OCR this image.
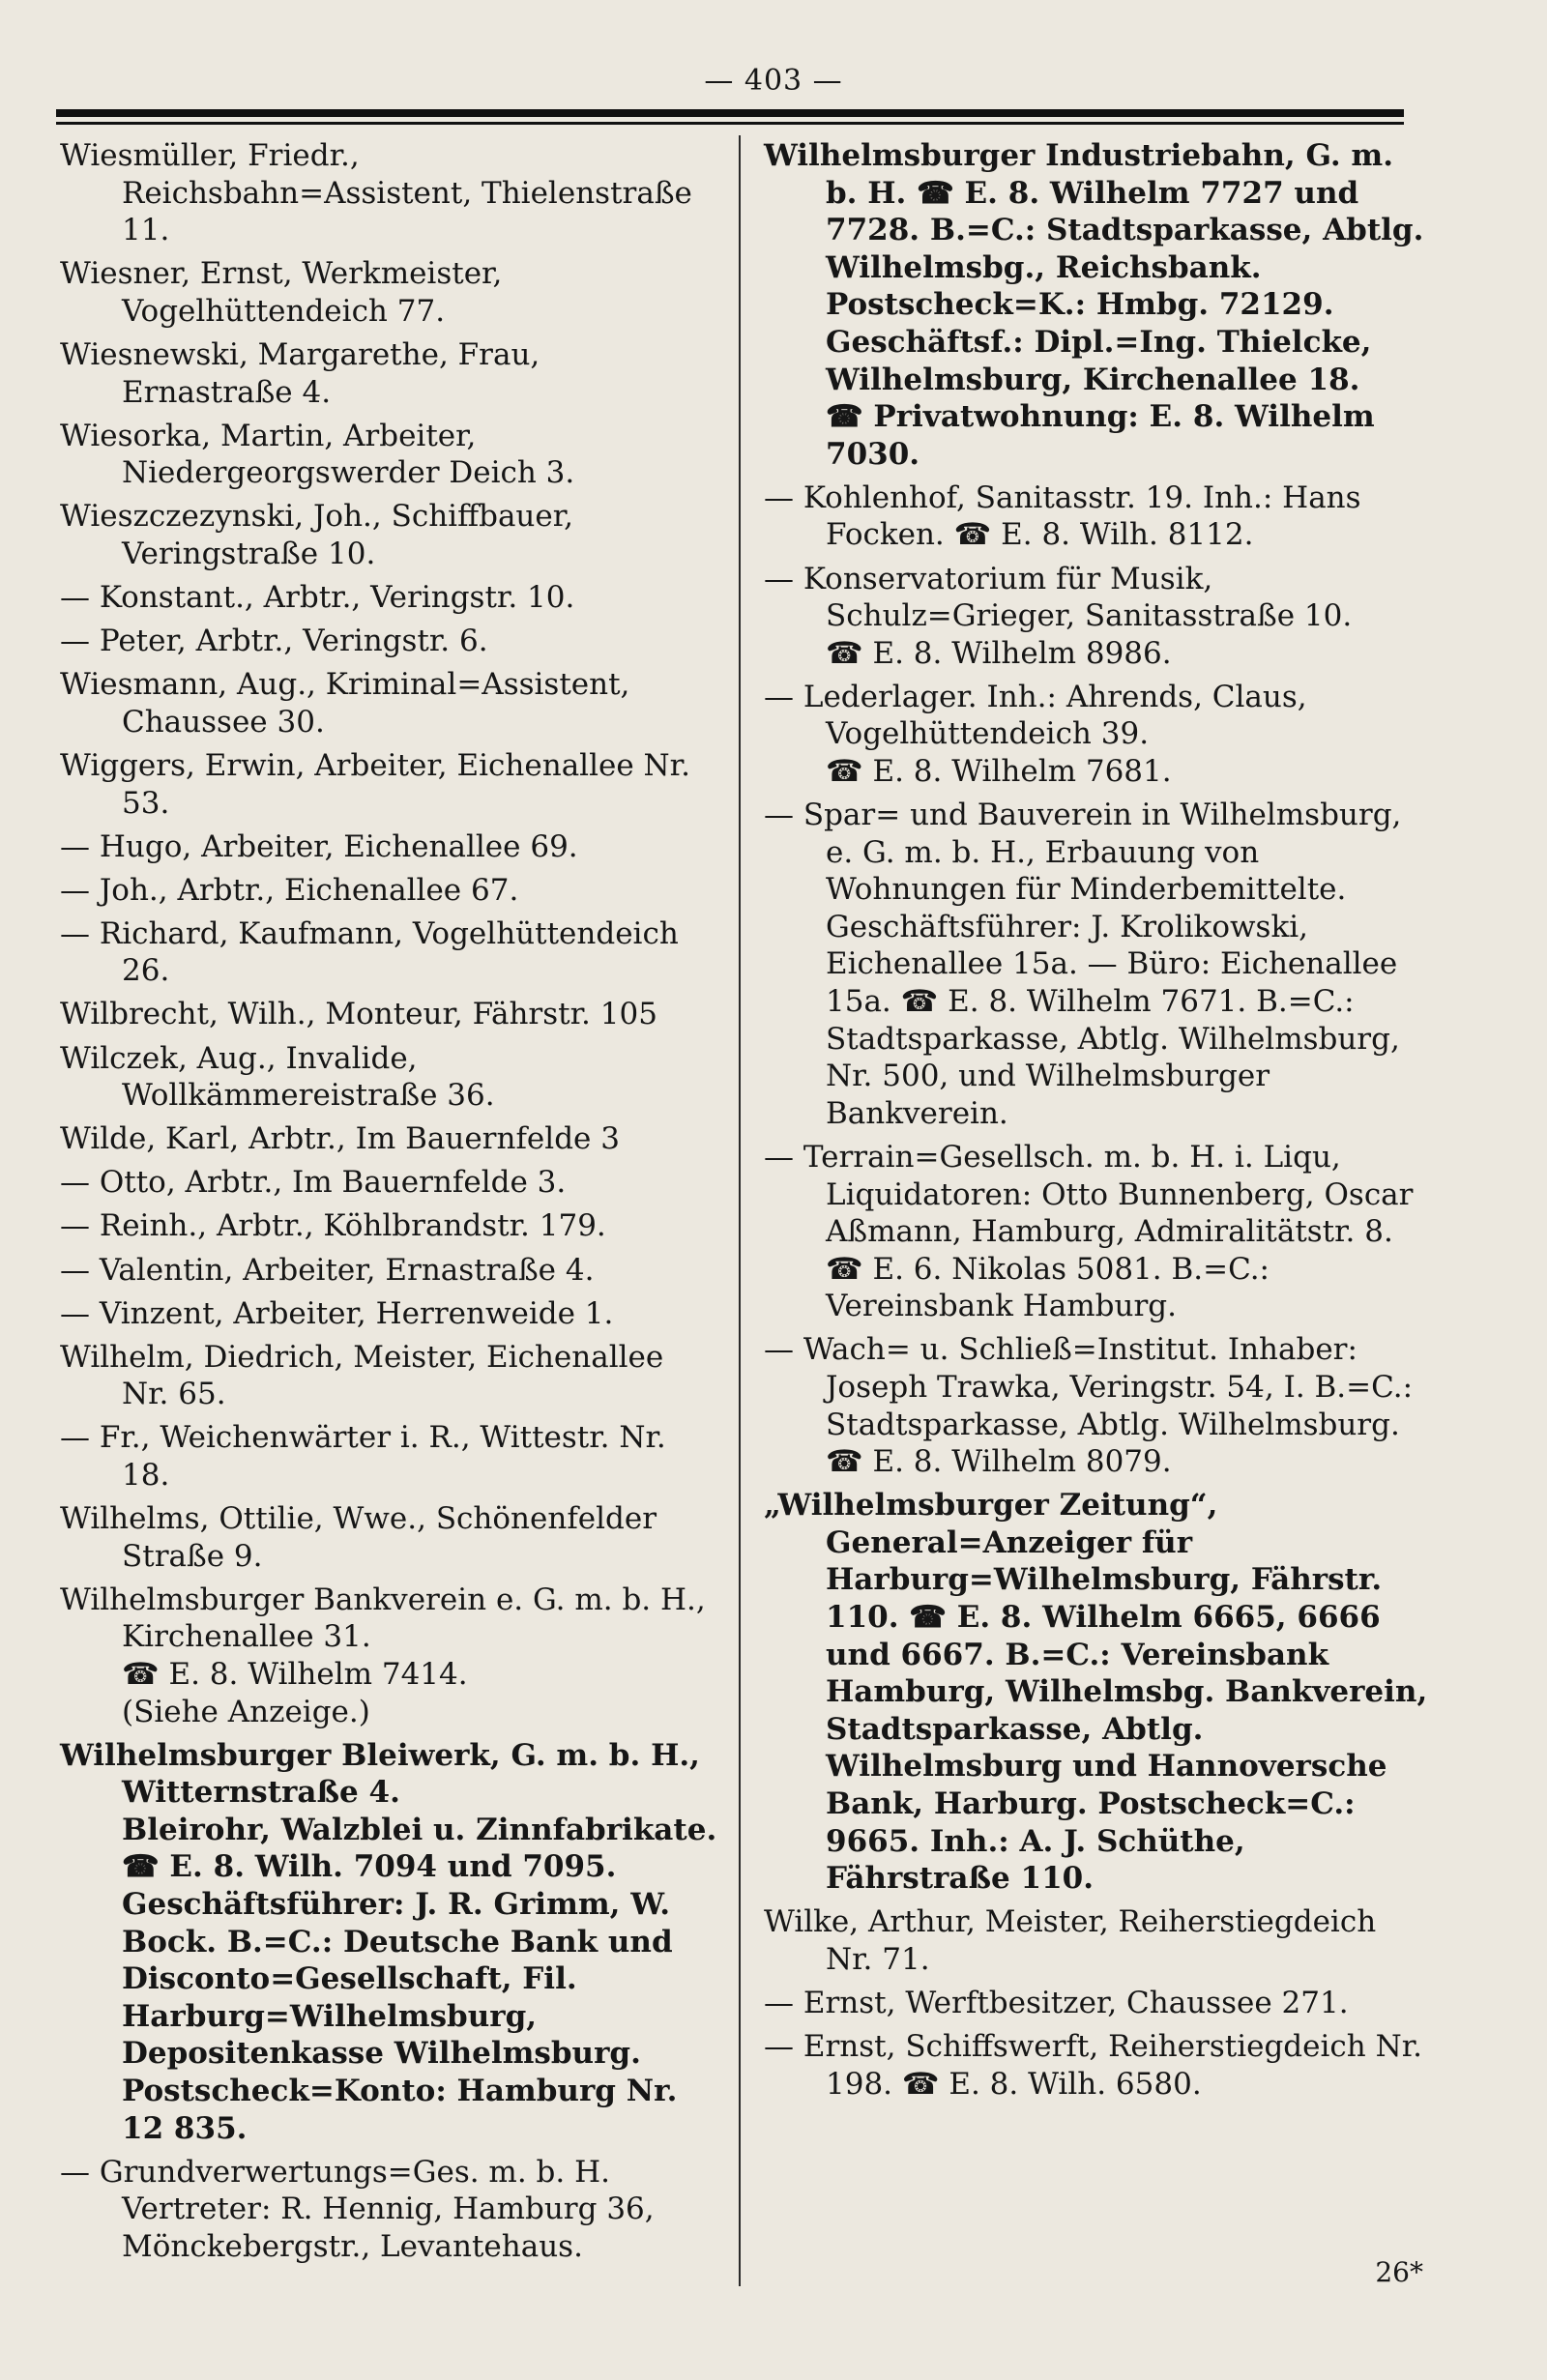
— 403 —

Wiesmüller, Friedr., Reichsbahn=Assistent, Thielenstraße 11.

Wiesner, Ernst, Werkmeister, Vogelhüttendeich 77.

Wiesnewski, Margarethe, Frau, Ernastraße 4.

Wiesorka, Martin, Arbeiter, Niedergeorgswerder Deich 3.

Wieszczezynski, Joh., Schiffbauer, Veringstraße 10.

— Konstant., Arbtr., Veringstr. 10.

— Peter, Arbtr., Veringstr. 6.

Wiesmann, Aug., Kriminal=Assistent, Chaussee 30.

Wiggers, Erwin, Arbeiter, Eichenallee Nr. 53.

— Hugo, Arbeiter, Eichenallee 69.

— Joh., Arbtr., Eichenallee 67.

— Richard, Kaufmann, Vogelhüttendeich 26.

Wilbrecht, Wilh., Monteur, Fährstr. 105

Wilczek, Aug., Invalide, Wollkämmereistraße 36.

Wilde, Karl, Arbtr., Im Bauernfelde 3

— Otto, Arbtr., Im Bauernfelde 3.

— Reinh., Arbtr., Köhlbrandstr. 179.

— Valentin, Arbeiter, Ernastraße 4.

— Vinzent, Arbeiter, Herrenweide 1.

Wilhelm, Diedrich, Meister, Eichenallee Nr. 65.

— Fr., Weichenwärter i. R., Wittestr. Nr. 18.

Wilhelms, Ottilie, Wwe., Schönenfelder Straße 9.

Wilhelmsburger Bankverein e. G. m. b. H., Kirchenallee 31.
☎ E. 8. Wilhelm 7414.
(Siehe Anzeige.)

Wilhelmsburger Bleiwerk, G. m. b. H., Witternstraße 4.
Bleirohr, Walzblei u. Zinnfabrikate. ☎ E. 8. Wilh. 7094 und 7095. Geschäftsführer: J. R. Grimm, W. Bock. B.=C.: Deutsche Bank und Disconto=Gesellschaft, Fil. Harburg=Wilhelmsburg, Depositenkasse Wilhelmsburg. Postscheck=Konto: Hamburg Nr. 12 835.

— Grundverwertungs=Ges. m. b. H. Vertreter: R. Hennig, Hamburg 36, Mönckebergstr., Levantehaus.

Wilhelmsburger Industriebahn, G. m. b. H. ☎ E. 8. Wilhelm 7727 und 7728. B.=C.: Stadtsparkasse, Abtlg. Wilhelmsbg., Reichsbank. Postscheck=K.: Hmbg. 72129. Geschäftsf.: Dipl.=Ing. Thielcke, Wilhelmsburg, Kirchenallee 18.
☎ Privatwohnung: E. 8. Wilhelm 7030.

— Kohlenhof, Sanitasstr. 19. Inh.: Hans Focken. ☎ E. 8. Wilh. 8112.

— Konservatorium für Musik, Schulz=Grieger, Sanitasstraße 10.
☎ E. 8. Wilhelm 8986.

— Lederlager. Inh.: Ahrends, Claus, Vogelhüttendeich 39.
☎ E. 8. Wilhelm 7681.

— Spar= und Bauverein in Wilhelmsburg, e. G. m. b. H., Erbauung von Wohnungen für Minderbemittelte. Geschäftsführer: J. Krolikowski, Eichenallee 15a. — Büro: Eichenallee 15a. ☎ E. 8. Wilhelm 7671. B.=C.: Stadtsparkasse, Abtlg. Wilhelmsburg, Nr. 500, und Wilhelmsburger Bankverein.

— Terrain=Gesellsch. m. b. H. i. Liqu, Liquidatoren: Otto Bunnenberg, Oscar Aßmann, Hamburg, Admiralitätstr. 8. ☎ E. 6. Nikolas 5081. B.=C.: Vereinsbank Hamburg.

— Wach= u. Schließ=Institut. Inhaber: Joseph Trawka, Veringstr. 54, I. B.=C.: Stadtsparkasse, Abtlg. Wilhelmsburg. ☎ E. 8. Wilhelm 8079.

„Wilhelmsburger Zeitung“, General=Anzeiger für Harburg=Wilhelmsburg, Fährstr. 110. ☎ E. 8. Wilhelm 6665, 6666 und 6667. B.=C.: Vereinsbank Hamburg, Wilhelmsbg. Bankverein, Stadtsparkasse, Abtlg. Wilhelmsburg und Hannoversche Bank, Harburg. Postscheck=C.: 9665. Inh.: A. J. Schüthe, Fährstraße 110.

Wilke, Arthur, Meister, Reiherstiegdeich Nr. 71.

— Ernst, Werftbesitzer, Chaussee 271.

— Ernst, Schiffswerft, Reiherstiegdeich Nr. 198. ☎ E. 8. Wilh. 6580.

26*
